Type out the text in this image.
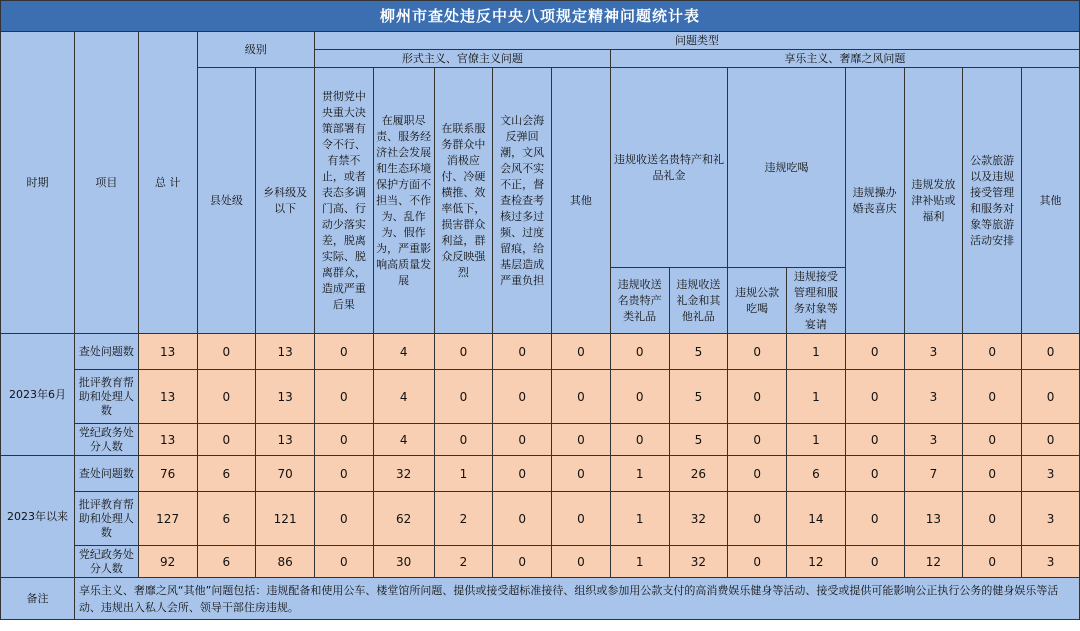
柳州市查处违反中央八项规定精神问题统计表																	
时期	项目	总 计	级别		问题类型												
					形式主义、官僚主义问题					享乐主义、奢靡之风问题							
			县处级	乡科级及以下	贯彻党中央重大决策部署有令不行、有禁不止，或者表态多调门高、行动少落实差，脱离实际、脱离群众，造成严重后果	在履职尽责、服务经济社会发展和生态环境保护方面不担当、不作为、乱作为、假作为，严重影响高质量发展	在联系服务群众中消极应付、冷硬横推、效率低下，损害群众利益，群众反映强烈	文山会海反弹回潮，文风会风不实不正，督查检查考核过多过频、过度留痕，给基层造成严重负担	其他	违规收送名贵特产和礼品礼金		违规吃喝		违规操办婚丧喜庆	违规发放津补贴或福利	公款旅游以及违规接受管理和服务对象等旅游活动安排	其他

										违规收送名贵特产类礼品	违规收送礼金和其他礼品	违规公款吃喝	违规接受管理和服务对象等宴请				
2023年6月	查处问题数	13	0	13	0	4	0	0	0	0	5	0	1	0	3	0	0
	批评教育帮助和处理人数	13	0	13	0	4	0	0	0	0	5	0	1	0	3	0	0
	党纪政务处分人数	13	0	13	0	4	0	0	0	0	5	0	1	0	3	0	0
2023年以来	查处问题数	76	6	70	0	32	1	0	0	1	26	0	6	0	7	0	3
	批评教育帮助和处理人数	127	6	121	0	62	2	0	0	1	32	0	14	0	13	0	3
	党纪政务处分人数	92	6	86	0	30	2	0	0	1	32	0	12	0	12	0	3
备注	享乐主义、奢靡之风“其他”问题包括：违规配备和使用公车、楼堂馆所问题、提供或接受超标准接待、组织或参加用公款支付的高消费娱乐健身等活动、接受或提供可能影响公正执行公务的健身娱乐等活动、违规出入私人会所、领导干部住房违规。																
